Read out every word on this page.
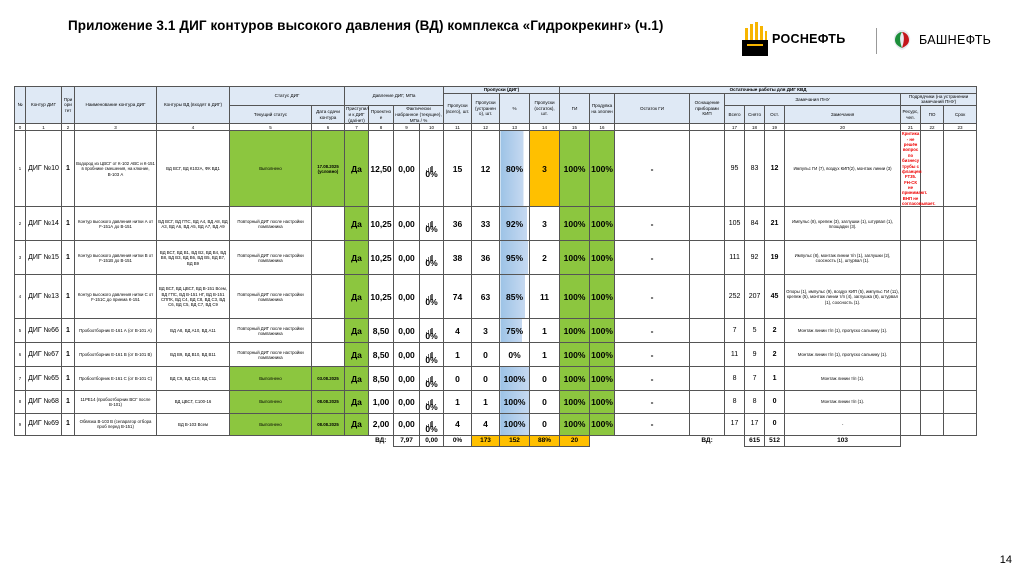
Приложение 3.1 ДИГ контуров высокого давления (ВД) комплекса «Гидрокрекинг» (ч.1)
РОСНЕФТЬ	БАШНЕФТЬ
№	Контур ДИГ	При ори тет	Наименование контура ДИГ	Контуры ВД (входят в ДИГ)	Статус ДИГ		Давление ДИГ, МПа				Пропуски (ДИГ)				Остаточные работы для ДИГ КВД										
											Пропуски (всего), шт.	Пропуски (устранен о), шт.	%	Пропуски (остаток), шт.	ГИ	Продувка на злопен	Остаток ГИ	Оснащение приборами КИП	Замечания ПНУ				Подрядчики (на устранении замечаний ПНУ)		
					Текущий статус	Дата сдачи контура	Приступил и к ДИГ (да/нет)	Проектно е	Фактически набранное (текущее), МПа / %										Всего	Снято	Ост.	Замечания	Ресурс, чел.	ПО	Срок
0	1	2	3	4	5	6	7	8	9	10	11	12	13	14	15	16			17	18	19	20	21	22	23
1	ДИГ №10	1	Водород из ЦВСГ от К-102 АВС и К-151 в пробнике смешения, на клюние, В-103 А	ВД ВСГ, ВД К102А, ФК ВД1	Выполнено	17.08.2025 (условно)	Да	12,50	0,00	0%	15	12	80%	3	100%	100%	-		95	83	12	Импульс ГИ (7), воздух КИП(2), монтаж линии (3)	Критика - не решён вопрос по бизнесу трубы с фланцем FT35. FH-СК не принимают. ВНП не согласовывает.		
2	ДИГ №14	1	Контур высокого давления нитки А от F-151А до В-151	ВД ВСГ, ВД ГПС, ВД А4, ВД А8, ВД А3, ВД А6, ВД А5, ВД А7, ВД А9	Повторный ДИГ после настройки помпажника		Да	10,25	0,00	0%	36	33	92%	3	100%	100%	-		105	84	21	Импульс (8), крепеж (3), заглушки (1), штурвал (1), площадки (3).			
3	ДИГ №15	1	Контур высокого давления нитки В от F-151В до В-151	ВД ВСГ, ВД В1, ВД В2, ВД В4, ВД В8, ВД В3, ВД В6, ВД В5, ВД В7, ВД В9	Повторный ДИГ после настройки помпажника		Да	10,25	0,00	0%	38	36	95%	2	100%	100%	-		111	92	19	Импульс (8), монтаж линии т/п (1), заглушки (2), соосность (1), штурвал (1).			
4	ДИГ №13	1	Контур высокого давления нитки С от F-151С до приема К-151	ВД ВСГ, ВД ЦВСГ, ВД В-151 Всем, ВД ГПС, ВД В-151 НГ, ВД В-151 СППК, ВД С4, ВД С8, ВД С3, ВД С6, ВД С5, ВД С7, ВД С9	Повторный ДИГ после настройки помпажника		Да	10,25	0,00	0%	74	63	85%	11	100%	100%	-		252	207	45	Опоры (1), импульс (9), воздух КИП (5), импульс ГИ (11), крепеж (5), монтаж линии т/п (4), заглушка (8), штурвал (1), соосность (1).			
5	ДИГ №66	1	Пробоотборник Е-161 А (от В-101 А)	ВД А8, ВД А10, ВД А11	Повторный ДИГ после настройки помпажника		Да	8,50	0,00	0%	4	3	75%	1	100%	100%	-		7	5	2	Монтаж линии т/п (1), пропуско сальнику (1).			
6	ДИГ №67	1	Пробоотборник Е-161 В (от В-101 В)	ВД В9, ВД В10, ВД В11	Повторный ДИГ после настройки помпажника		Да	8,50	0,00	0%	1	0	0%	1	100%	100%	-		11	9	2	Монтаж линии т/п (1), пропуско сальнику (1).			
7	ДИГ №65	1	Пробоотборник Е-161 С (от В-101 С)	ВД С9, ВД С10, ВД С11	Выполнено	03.08.2025	Да	8,50	0,00	0%	0	0	100%	0	100%	100%	-		8	7	1	Монтаж линии т/п (1).			
8	ДИГ №68	1	11РЕ14 (пробоотборник ВСГ после В-101)	ВД ЦВСГ, С100-16	Выполнено	08.08.2025	Да	1,00	0,00	0%	1	1	100%	0	100%	100%	-		8	8	0	Монтаж линии т/п (1).			
9	ДИГ №69	1	Обвязка В-103 В (сепаратор отбора проб перед В-151)	ВД В-103 Всем	Выполнено	08.08.2025	Да	2,00	0,00	0%	4	4	100%	0	100%	100%	-		17	17	0	-			
								ВД:	7,97	0,00	0%	173	152	88%	20			ВД:		615	512	103			
14
